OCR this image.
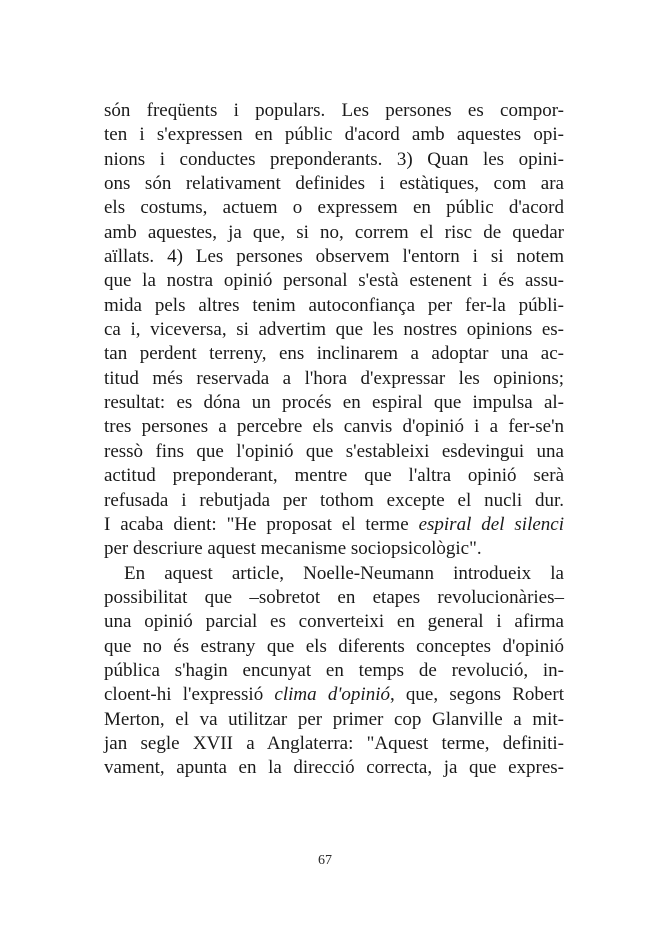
són freqüents i populars. Les persones es compor-
ten i s'expressen en públic d'acord amb aquestes opi-
nions i conductes preponderants. 3) Quan les opini-
ons són relativament definides i estàtiques, com ara
els costums, actuem o expressem en públic d'acord
amb aquestes, ja que, si no, correm el risc de quedar
aïllats. 4) Les persones observem l'entorn i si notem
que la nostra opinió personal s'està estenent i és assu-
mida pels altres tenim autoconfiança per fer-la públi-
ca i, viceversa, si advertim que les nostres opinions es-
tan perdent terreny, ens inclinarem a adoptar una ac-
titud més reservada a l'hora d'expressar les opinions;
resultat: es dóna un procés en espiral que impulsa al-
tres persones a percebre els canvis d'opinió i a fer-se'n
ressò fins que l'opinió que s'estableixi esdevingui una
actitud preponderant, mentre que l'altra opinió serà
refusada i rebutjada per tothom excepte el nucli dur.
I acaba dient: "He proposat el terme espiral del silenci
per descriure aquest mecanisme sociopsicològic".
En aquest article, Noelle-Neumann introdueix la
possibilitat que –sobretot en etapes revolucionàries–
una opinió parcial es converteixi en general i afirma
que no és estrany que els diferents conceptes d'opinió
pública s'hagin encunyat en temps de revolució, in-
cloent-hi l'expressió clima d'opinió, que, segons Robert
Merton, el va utilitzar per primer cop Glanville a mit-
jan segle XVII a Anglaterra: "Aquest terme, definiti-
vament, apunta en la direcció correcta, ja que expres-
67
